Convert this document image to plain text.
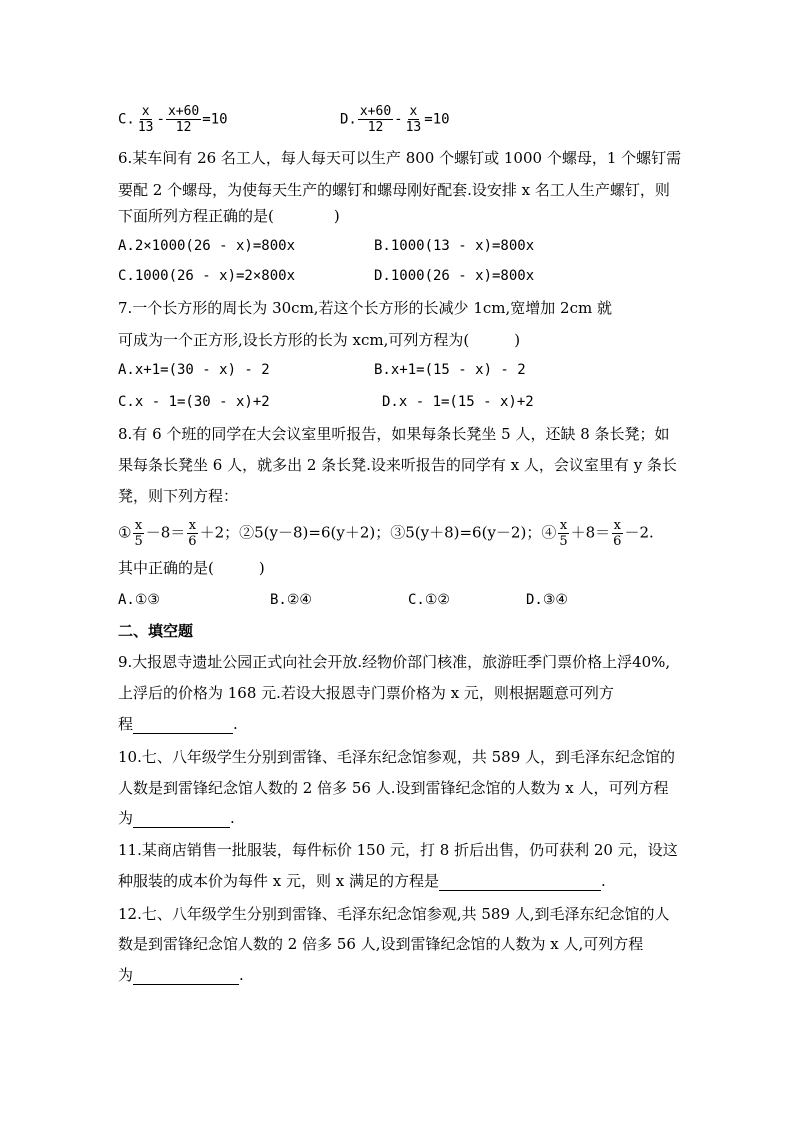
C. $\frac{x}{13} - \frac{x+60}{12} =10$	D. $\frac{x+60}{12} - \frac{x}{13} =10$
6.某车间有 26 名工人，每人每天可以生产 800 个螺钉或 1000 个螺母，1 个螺钉需
要配 2 个螺母，为使每天生产的螺钉和螺母刚好配套.设安排 x 名工人生产螺钉，则
下面所列方程正确的是(　　　　)
A.2×1000(26 - x)=800x	B.1000(13 - x)=800x
C.1000(26 - x)=2×800x	D.1000(26 - x)=800x
7.一个长方形的周长为 30cm,若这个长方形的长减少 1cm,宽增加 2cm 就
可成为一个正方形,设长方形的长为 xcm,可列方程为(　　　)
A.x+1=(30 - x) - 2	B.x+1=(15 - x) - 2
C.x - 1=(30 - x)+2	D.x - 1=(15 - x)+2
8.有 6 个班的同学在大会议室里听报告，如果每条长凳坐 5 人，还缺 8 条长凳；如
果每条长凳坐 6 人，就多出 2 条长凳.设来听报告的同学有 x 人，会议室里有 y 条长
凳，则下列方程：
① $\frac{x}{5} -8= \frac{x}{6} +2$；②5(y－8)=6(y＋2)；③5(y＋8)=6(y－2)；④ $\frac{x}{5} +8= \frac{x}{6} -2$.
其中正确的是(　　　)
A.①③	B.②④	C.①②	D.③④
二、填空题
9.大报恩寺遗址公园正式向社会开放.经物价部门核准，旅游旺季门票价格上浮40%,
上浮后的价格为 168 元.若设大报恩寺门票价格为 x 元，则根据题意可列方
程	.
10.七、八年级学生分别到雷锋、毛泽东纪念馆参观，共 589 人，到毛泽东纪念馆的
人数是到雷锋纪念馆人数的 2 倍多 56 人.设到雷锋纪念馆的人数为 x 人，可列方程
为	.
11.某商店销售一批服装，每件标价 150 元，打 8 折后出售，仍可获利 20 元，设这
种服装的成本价为每件 x 元，则 x 满足的方程是	.
12.七、八年级学生分别到雷锋、毛泽东纪念馆参观,共 589 人,到毛泽东纪念馆的人
数是到雷锋纪念馆人数的 2 倍多 56 人,设到雷锋纪念馆的人数为 x 人,可列方程
为	.
